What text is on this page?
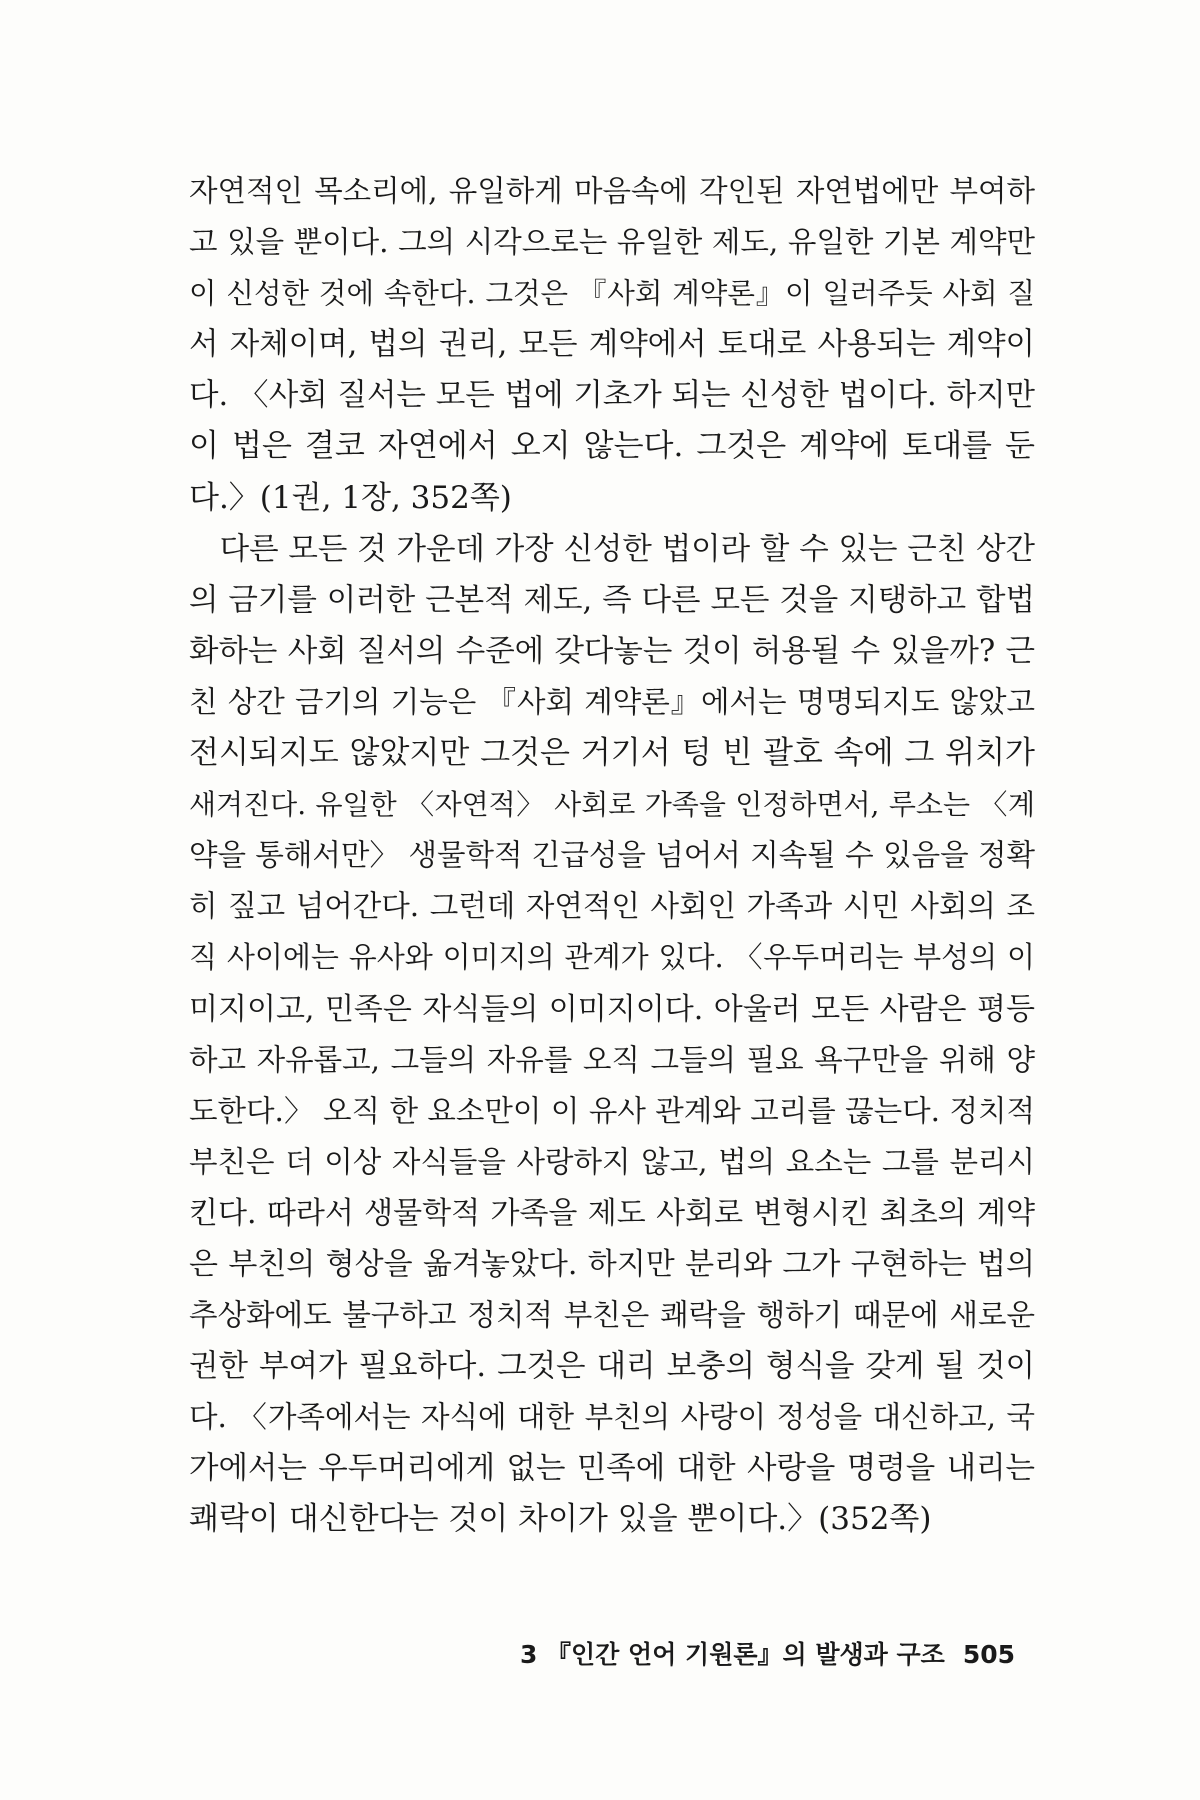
자연적인 목소리에, 유일하게 마음속에 각인된 자연법에만 부여하
고 있을 뿐이다. 그의 시각으로는 유일한 제도, 유일한 기본 계약만
이 신성한 것에 속한다. 그것은 『사회 계약론』이 일러주듯 사회 질
서 자체이며, 법의 권리, 모든 계약에서 토대로 사용되는 계약이
다. 〈사회 질서는 모든 법에 기초가 되는 신성한 법이다. 하지만
이 법은 결코 자연에서 오지 않는다. 그것은 계약에 토대를 둔
다.〉(1권, 1장, 352쪽)
　다른 모든 것 가운데 가장 신성한 법이라 할 수 있는 근친 상간
의 금기를 이러한 근본적 제도, 즉 다른 모든 것을 지탱하고 합법
화하는 사회 질서의 수준에 갖다놓는 것이 허용될 수 있을까? 근
친 상간 금기의 기능은 『사회 계약론』에서는 명명되지도 않았고
전시되지도 않았지만 그것은 거기서 텅 빈 괄호 속에 그 위치가
새겨진다. 유일한 〈자연적〉 사회로 가족을 인정하면서, 루소는 〈계
약을 통해서만〉 생물학적 긴급성을 넘어서 지속될 수 있음을 정확
히 짚고 넘어간다. 그런데 자연적인 사회인 가족과 시민 사회의 조
직 사이에는 유사와 이미지의 관계가 있다. 〈우두머리는 부성의 이
미지이고, 민족은 자식들의 이미지이다. 아울러 모든 사람은 평등
하고 자유롭고, 그들의 자유를 오직 그들의 필요 욕구만을 위해 양
도한다.〉 오직 한 요소만이 이 유사 관계와 고리를 끊는다. 정치적
부친은 더 이상 자식들을 사랑하지 않고, 법의 요소는 그를 분리시
킨다. 따라서 생물학적 가족을 제도 사회로 변형시킨 최초의 계약
은 부친의 형상을 옮겨놓았다. 하지만 분리와 그가 구현하는 법의
추상화에도 불구하고 정치적 부친은 쾌락을 행하기 때문에 새로운
권한 부여가 필요하다. 그것은 대리 보충의 형식을 갖게 될 것이
다. 〈가족에서는 자식에 대한 부친의 사랑이 정성을 대신하고, 국
가에서는 우두머리에게 없는 민족에 대한 사랑을 명령을 내리는
쾌락이 대신한다는 것이 차이가 있을 뿐이다.〉(352쪽)
3 『인간 언어 기원론』의 발생과 구조 505
